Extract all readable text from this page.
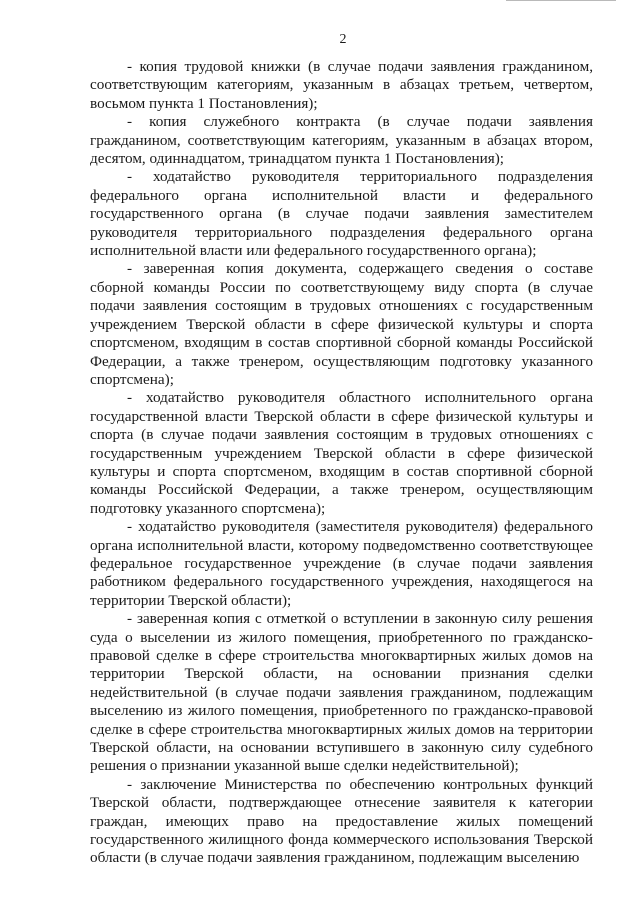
2

- копия трудовой книжки (в случае подачи заявления гражданином, соответствующим категориям, указанным в абзацах третьем, четвертом, восьмом пункта 1 Постановления);

- копия служебного контракта (в случае подачи заявления гражданином, соответствующим категориям, указанным в абзацах втором, десятом, одиннадцатом, тринадцатом пункта 1 Постановления);

- ходатайство руководителя территориального подразделения федерального органа исполнительной власти и федерального государственного органа (в случае подачи заявления заместителем руководителя территориального подразделения федерального органа исполнительной власти или федерального государственного органа);

- заверенная копия документа, содержащего сведения о составе сборной команды России по соответствующему виду спорта (в случае подачи заявления состоящим в трудовых отношениях с государственным учреждением Тверской области в сфере физической культуры и спорта спортсменом, входящим в состав спортивной сборной команды Российской Федерации, а также тренером, осуществляющим подготовку указанного спортсмена);

- ходатайство руководителя областного исполнительного органа государственной власти Тверской области в сфере физической культуры и спорта (в случае подачи заявления состоящим в трудовых отношениях с государственным учреждением Тверской области в сфере физической культуры и спорта спортсменом, входящим в состав спортивной сборной команды Российской Федерации, а также тренером, осуществляющим подготовку указанного спортсмена);

- ходатайство руководителя (заместителя руководителя) федерального органа исполнительной власти, которому подведомственно соответствующее федеральное государственное учреждение (в случае подачи заявления работником федерального государственного учреждения, находящегося на территории Тверской области);

- заверенная копия с отметкой о вступлении в законную силу решения суда о выселении из жилого помещения, приобретенного по гражданско-правовой сделке в сфере строительства многоквартирных жилых домов на территории Тверской области, на основании признания сделки недействительной (в случае подачи заявления гражданином, подлежащим выселению из жилого помещения, приобретенного по гражданско-правовой сделке в сфере строительства многоквартирных жилых домов на территории Тверской области, на основании вступившего в законную силу судебного решения о признании указанной выше сделки недействительной);

- заключение Министерства по обеспечению контрольных функций Тверской области, подтверждающее отнесение заявителя к категории граждан, имеющих право на предоставление жилых помещений государственного жилищного фонда коммерческого использования Тверской области (в случае подачи заявления гражданином, подлежащим выселению
